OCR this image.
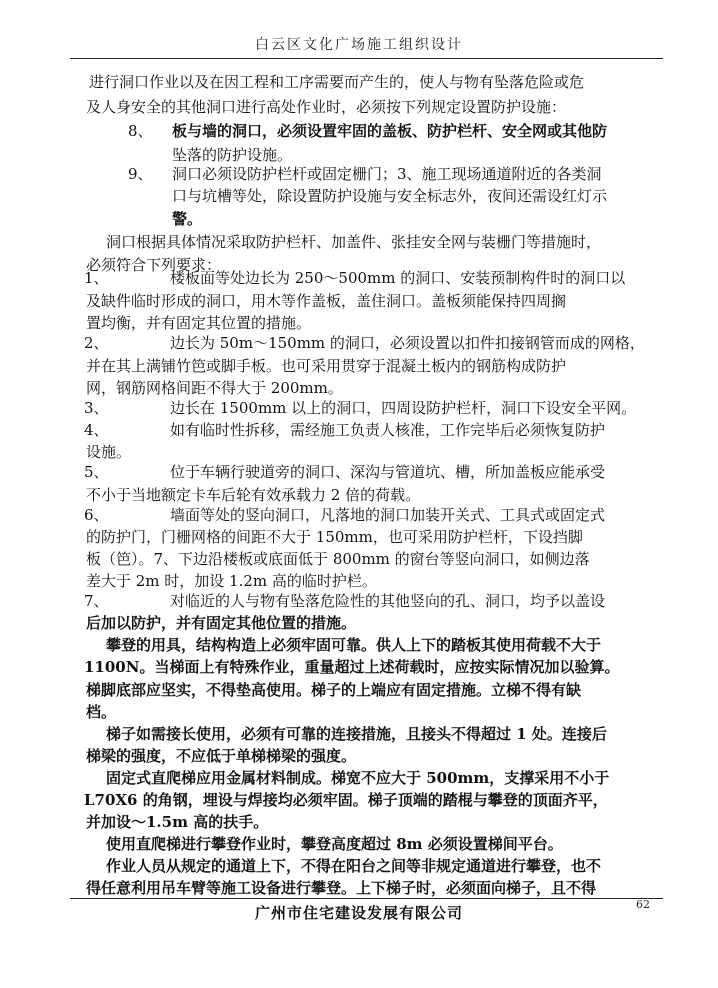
白云区文化广场施工组织设计
进行洞口作业以及在因工程和工序需要而产生的，使人与物有坠落危险或危
及人身安全的其他洞口进行高处作业时，必须按下列规定设置防护设施：
8、 板与墙的洞口，必须设置牢固的盖板、防护栏杆、安全网或其他防
坠落的防护设施。
9、 洞口必须设防护栏杆或固定栅门；3、施工现场通道附近的各类洞
口与坑槽等处，除设置防护设施与安全标志外，夜间还需设红灯示
警。
洞口根据具体情况采取防护栏杆、加盖件、张挂安全网与装栅门等措施时，
必须符合下列要求：
1、	楼板面等处边长为 250～500mm 的洞口、安装预制构件时的洞口以
及缺件临时形成的洞口，用木等作盖板，盖住洞口。盖板须能保持四周搁
置均衡，并有固定其位置的措施。
2、	边长为 50m～150mm 的洞口，必须设置以扣件扣接钢管而成的网格，
并在其上满铺竹笆或脚手板。也可采用贯穿于混凝土板内的钢筋构成防护
网，钢筋网格间距不得大于 200mm。
3、	边长在 1500mm 以上的洞口，四周设防护栏杆，洞口下设安全平网。
4、	如有临时性拆移，需经施工负责人核准，工作完毕后必须恢复防护
设施。
5、	位于车辆行驶道旁的洞口、深沟与管道坑、槽，所加盖板应能承受
不小于当地额定卡车后轮有效承载力 2 倍的荷载。
6、	墙面等处的竖向洞口，凡落地的洞口加装开关式、工具式或固定式
的防护门，门栅网格的间距不大于 150mm，也可采用防护栏杆，下设挡脚
板（笆）。7、下边沿楼板或底面低于 800mm 的窗台等竖向洞口，如侧边落
差大于 2m 时，加设 1.2m 高的临时护栏。
7、	对临近的人与物有坠落危险性的其他竖向的孔、洞口，均予以盖设
后加以防护，并有固定其他位置的措施。
攀登的用具，结构构造上必须牢固可靠。供人上下的踏板其使用荷载不大于
1100N。当梯面上有特殊作业，重量超过上述荷载时，应按实际情况加以验算。
梯脚底部应坚实，不得垫高使用。梯子的上端应有固定措施。立梯不得有缺
档。
梯子如需接长使用，必须有可靠的连接措施，且接头不得超过 1 处。连接后
梯梁的强度，不应低于单梯梯梁的强度。
固定式直爬梯应用金属材料制成。梯宽不应大于 500mm，支撑采用不小于
L70X6 的角钢，埋设与焊接均必须牢固。梯子顶端的踏棍与攀登的顶面齐平，
并加设～1.5m 高的扶手。
使用直爬梯进行攀登作业时，攀登高度超过 8m 必须设置梯间平台。
作业人员从规定的通道上下，不得在阳台之间等非规定通道进行攀登，也不
得任意利用吊车臂等施工设备进行攀登。上下梯子时，必须面向梯子，且不得
广州市住宅建设发展有限公司	62
